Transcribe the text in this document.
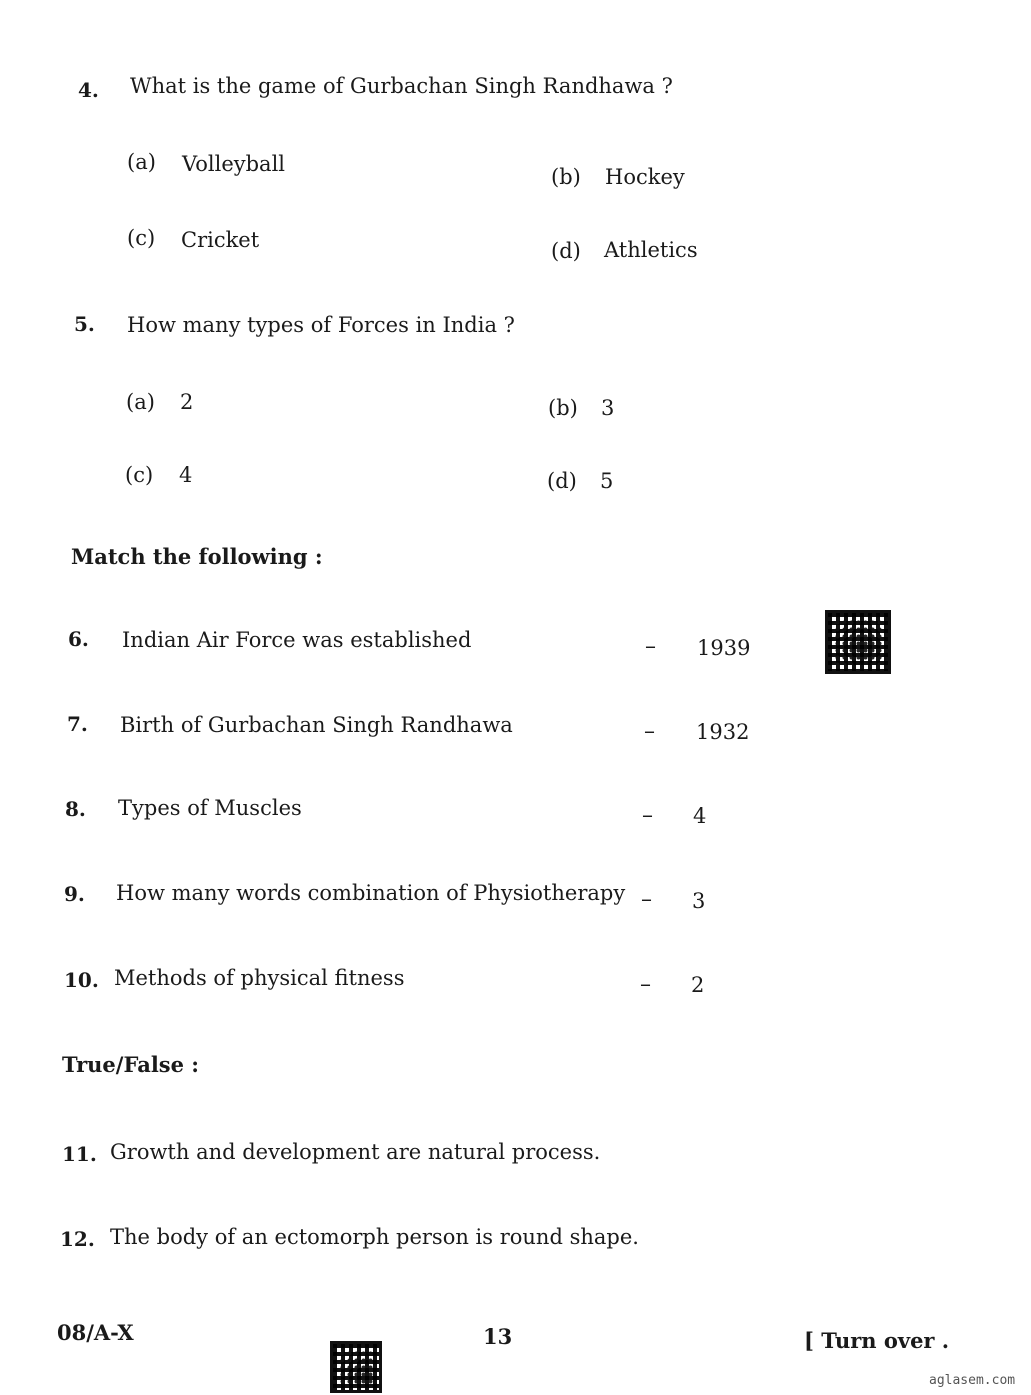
4. What is the game of Gurbachan Singh Randhawa ?
(a) Volleyball
(b) Hockey
(c) Cricket	(d) Athletics
5. How many types of Forces in India ?
(a) 2	(b) 3
(c) 4	(d) 5
Match the following :
6. Indian Air Force was established	– 1939
7. Birth of Gurbachan Singh Randhawa	– 1932
8. Types of Muscles	– 4
9. How many words combination of Physiotherapy – 3
10. Methods of physical fitness	– 2
True/False :
11. Growth and development are natural process.
12. The body of an ectomorph person is round shape.
08/A-X	13	[ Turn over .
aglasem.com
